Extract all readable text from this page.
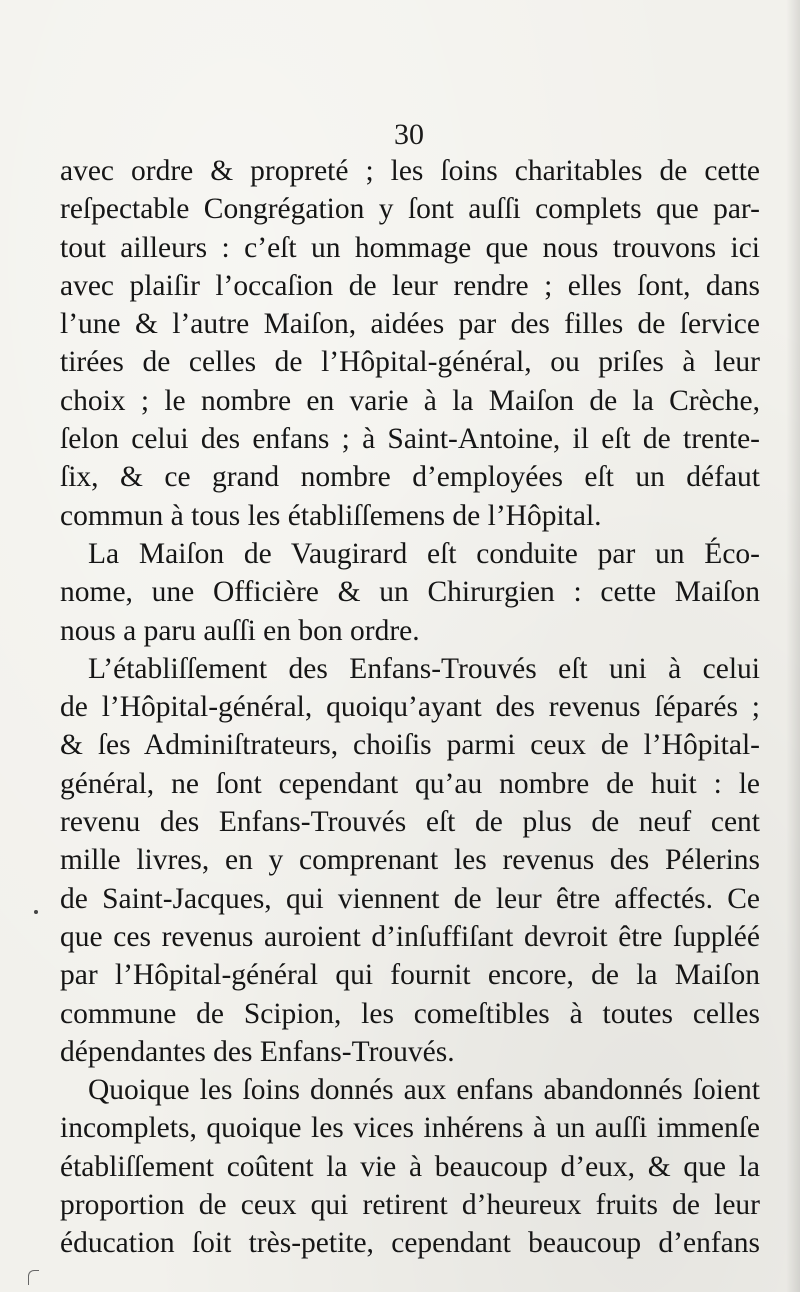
30

avec ordre & propreté ; les ſoins charitables de cette
reſpectable Congrégation y ſont auſſi complets que par-
tout ailleurs : c’eſt un hommage que nous trouvons ici
avec plaiſir l’occaſion de leur rendre ; elles ſont, dans
l’une & l’autre Maiſon, aidées par des filles de ſervice
tirées de celles de l’Hôpital-général, ou priſes à leur
choix ; le nombre en varie à la Maiſon de la Crèche,
ſelon celui des enfans ; à Saint-Antoine, il eſt de trente-
ſix, & ce grand nombre d’employées eſt un défaut
commun à tous les établiſſemens de l’Hôpital.
La Maiſon de Vaugirard eſt conduite par un Éco-
nome, une Officière & un Chirurgien : cette Maiſon
nous a paru auſſi en bon ordre.
L’établiſſement des Enfans-Trouvés eſt uni à celui
de l’Hôpital-général, quoiqu’ayant des revenus ſéparés ;
& ſes Adminiſtrateurs, choiſis parmi ceux de l’Hôpital-
général, ne ſont cependant qu’au nombre de huit : le
revenu des Enfans-Trouvés eſt de plus de neuf cent
mille livres, en y comprenant les revenus des Pélerins
de Saint-Jacques, qui viennent de leur être affectés. Ce
que ces revenus auroient d’inſuffiſant devroit être ſuppléé
par l’Hôpital-général qui fournit encore, de la Maiſon
commune de Scipion, les comeſtibles à toutes celles
dépendantes des Enfans-Trouvés.
Quoique les ſoins donnés aux enfans abandonnés ſoient
incomplets, quoique les vices inhérens à un auſſi immenſe
établiſſement coûtent la vie à beaucoup d’eux, & que la
proportion de ceux qui retirent d’heureux fruits de leur
éducation ſoit très-petite, cependant beaucoup d’enfans
